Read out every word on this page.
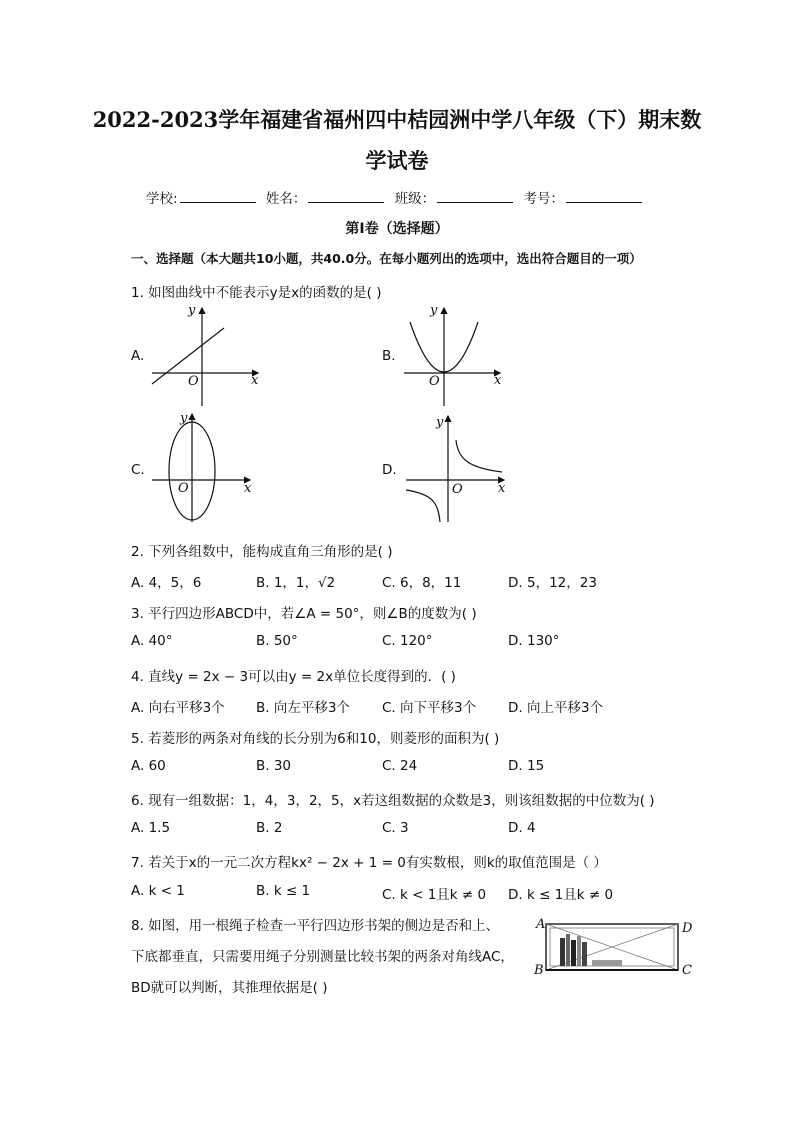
2022-2023学年福建省福州四中桔园洲中学八年级（下）期末数
学试卷
学校:	姓名：	班级：	考号：
第Ⅰ卷（选择题）
一、选择题（本大题共10小题，共40.0分。在每小题列出的选项中，选出符合题目的一项）
1. 如图曲线中不能表示y是x的函数的是( )
A.	B.
C.	D.
x
y
O	x
y
O
x
y
O	x
y
O
2. 下列各组数中，能构成直角三角形的是( )
A. 4，5，6	B. 1，1，√2	C. 6，8，11	D. 5，12，23
3. 平行四边形ABCD中，若∠A = 50°，则∠B的度数为( )
A. 40°	B. 50°	C. 120°	D. 130°
4. 直线y = 2x − 3可以由y = 2x单位长度得到的．( )
A. 向右平移3个 B. 向左平移3个 C. 向下平移3个 D. 向上平移3个
5. 若菱形的两条对角线的长分别为6和10，则菱形的面积为( )
A. 60	B. 30	C. 24	D. 15
6. 现有一组数据：1，4，3，2，5，x若这组数据的众数是3，则该组数据的中位数为( )
A. 1.5	B. 2	C. 3	D. 4
7. 若关于x的一元二次方程kx² − 2x + 1 = 0有实数根，则k的取值范围是（ ）
A. k < 1	B. k ≤ 1	C. k < 1且k ≠ 0 D. k ≤ 1且k ≠ 0
8. 如图，用一根绳子检查一平行四边形书架的侧边是否和上、
下底都垂直，只需要用绳子分别测量比较书架的两条对角线AC，
BD就可以判断，其推理依据是( )
A	D
B	C
